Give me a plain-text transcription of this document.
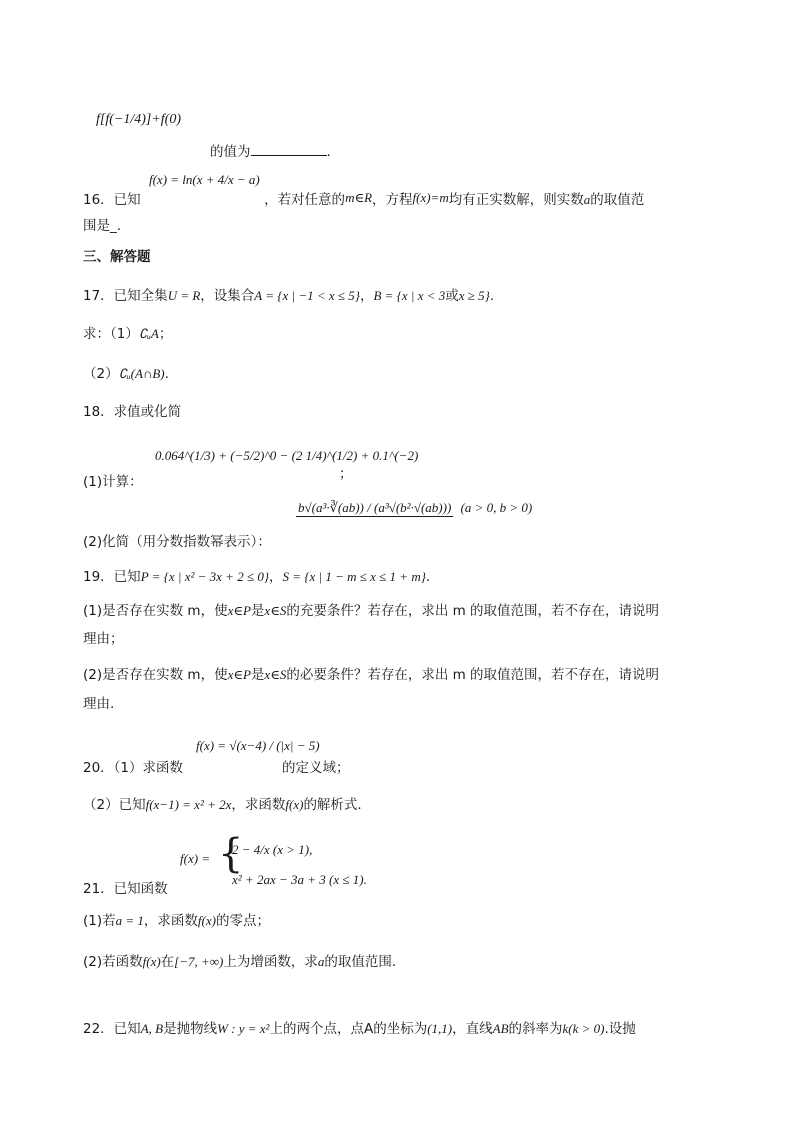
f[f(−1/4)]+f(0)
的值为	.
16．已知 f(x) = ln(x + 4/x − a) ，若对任意的m∈R，方程f(x)=m均有正实数解，则实数a的取值范
围是_.
三、解答题
17．已知全集U = R，设集合A = {x | −1 < x ≤ 5}，B = {x | x < 3或x ≥ 5}.
求：（1）∁ᵤA；
（2）∁ᵤ(A∩B).
18．求值或化简
0.064^(1/3) + (−5/2)^0 − (2 1/4)^(1/2) + 0.1^(−2)
；
(1)计算：
b√(a³·∛(ab)) / (a³√(b²·√(ab))) (a > 0, b > 0)
(2)化简（用分数指数幂表示）：
19．已知P = {x | x² − 3x + 2 ≤ 0}，S = {x | 1 − m ≤ x ≤ 1 + m}.
(1)是否存在实数 m，使x∈P是x∈S的充要条件？若存在，求出 m 的取值范围，若不存在，请说明
理由；
(2)是否存在实数 m，使x∈P是x∈S的必要条件？若存在，求出 m 的取值范围，若不存在，请说明
理由.
20．（1）求函数
f(x) = √(x−4) / (|x| − 5)
的定义域；
（2）已知f(x−1) = x² + 2x，求函数f(x)的解析式.
f(x) = {
2 − 4/x (x > 1),
x² + 2ax − 3a + 3 (x ≤ 1).
21．已知函数
(1)若a = 1，求函数f(x)的零点；
(2)若函数f(x)在[−7, +∞)上为增函数，求a的取值范围.
22．已知A, B是抛物线W : y = x²上的两个点，点A的坐标为(1,1)，直线AB的斜率为k(k > 0).设抛
